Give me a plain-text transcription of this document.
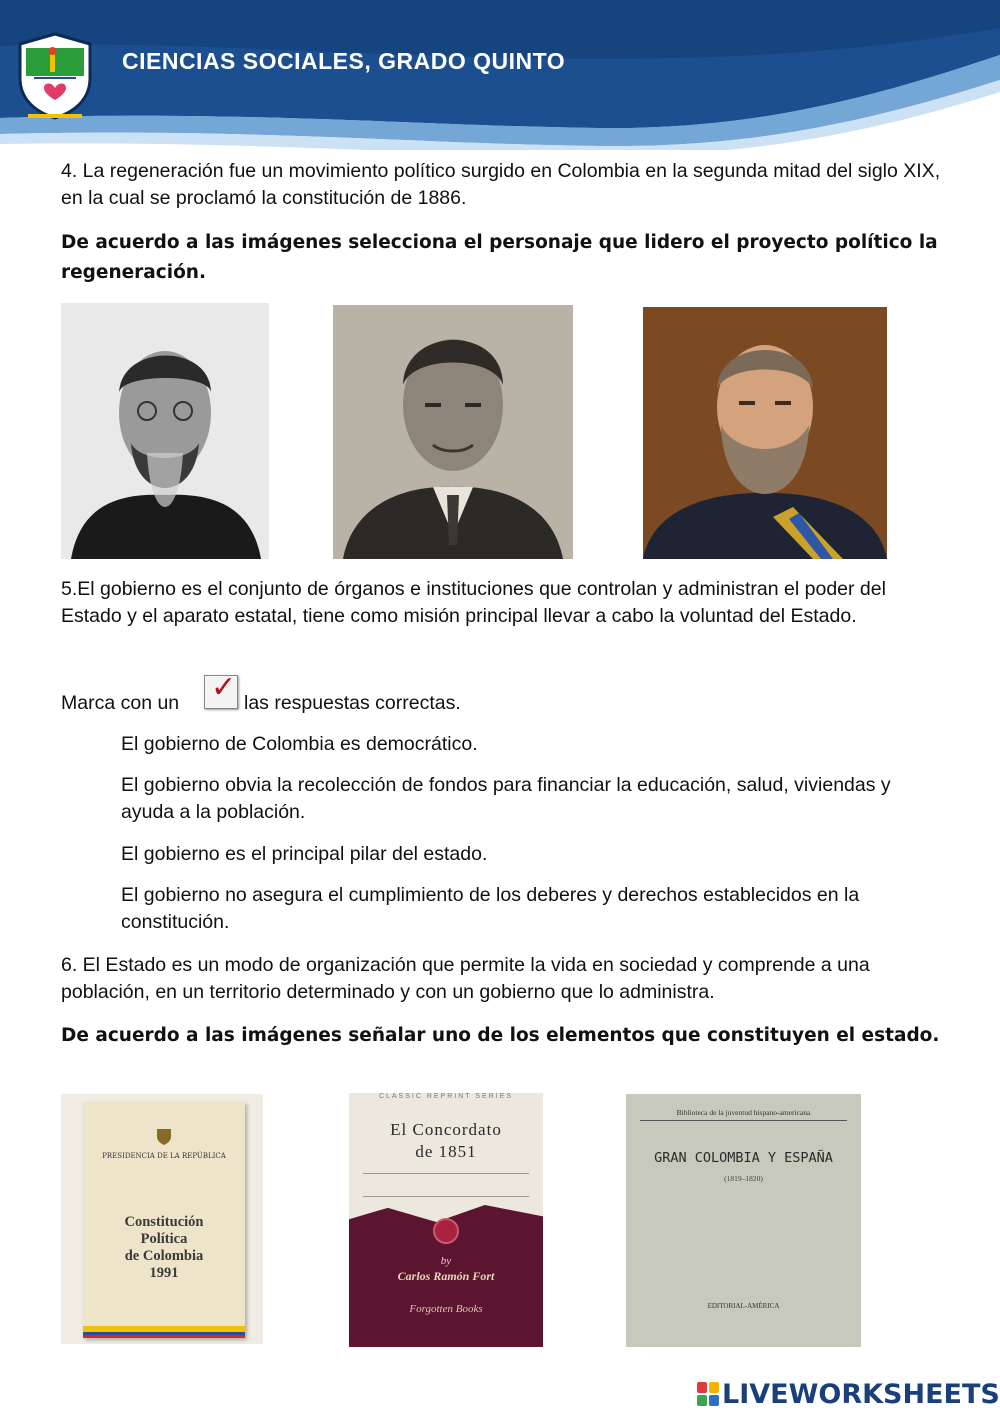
CIENCIAS SOCIALES, GRADO QUINTO
4. La regeneración fue un movimiento político surgido en Colombia en la segunda mitad del siglo XIX, en la cual se proclamó la constitución de 1886.
De acuerdo a las imágenes selecciona el personaje que lidero el proyecto político la regeneración.
5.El gobierno es el conjunto de órganos e instituciones que controlan y administran el poder del Estado y el aparato estatal, tiene como misión principal llevar a cabo la voluntad del Estado.
Marca con un	✓ las respuestas correctas.
El gobierno de Colombia es democrático.
El gobierno obvia la recolección de fondos para financiar la educación, salud, viviendas y ayuda a la población.
El gobierno es el principal pilar del estado.
El gobierno no asegura el cumplimiento de los deberes y derechos establecidos en la constitución.
6. El Estado es un modo de organización que permite la vida en sociedad y comprende a una población, en un territorio determinado y con un gobierno que lo administra.
De acuerdo a las imágenes señalar uno de los elementos que constituyen el estado.
PRESIDENCIA DE LA REPÚBLICA
Constitución
Política
de Colombia
1991
CLASSIC REPRINT SERIES
El Concordato
de 1851
by
Carlos Ramón Fort
Forgotten Books
Biblioteca de la juventud hispano-americana
GRAN COLOMBIA Y ESPAÑA
(1819–1820)
EDITORIAL-AMÉRICA
LIVEWORKSHEETS
